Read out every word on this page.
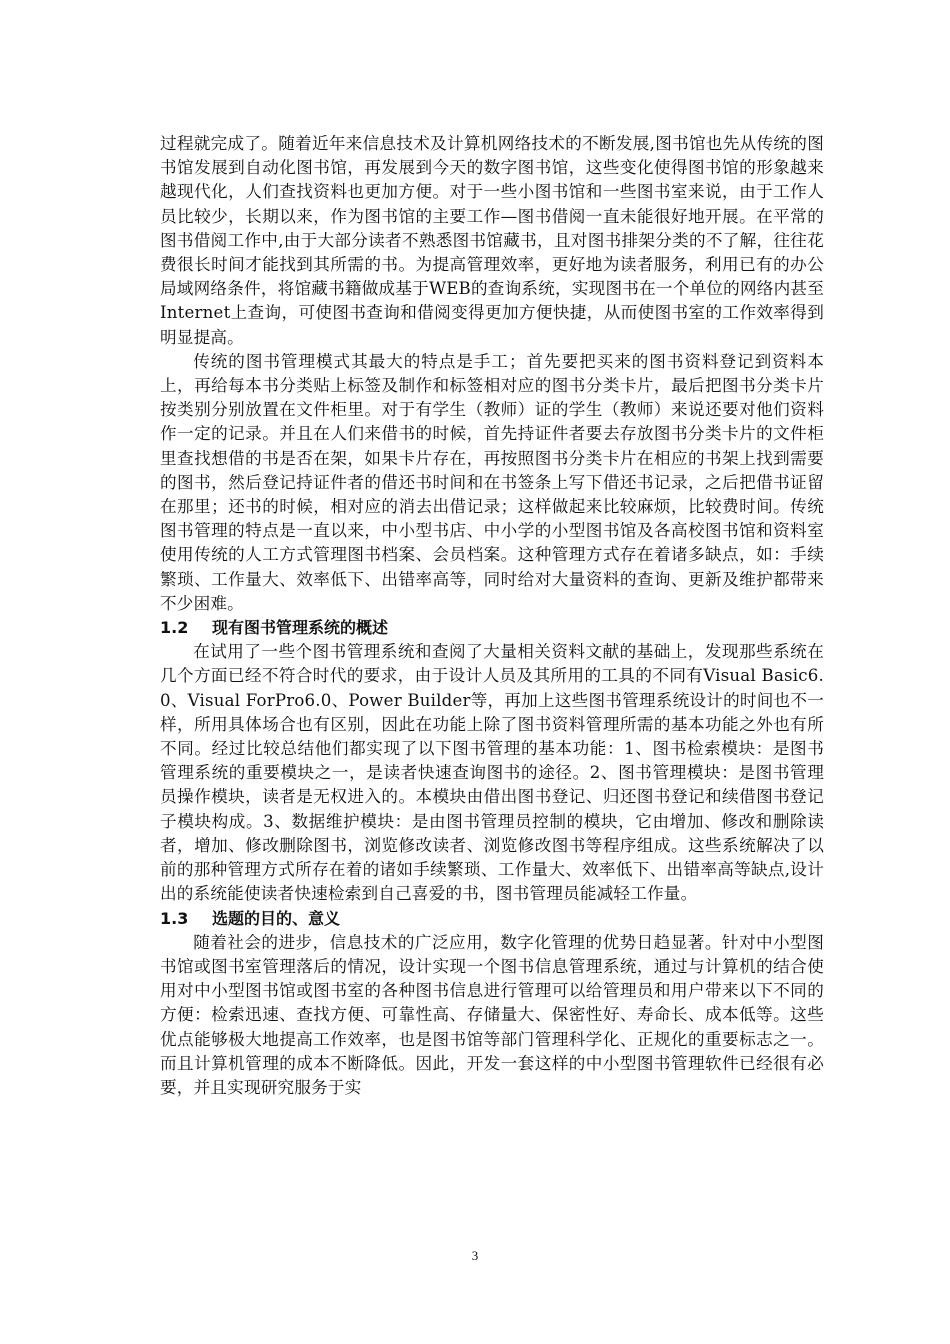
过程就完成了。随着近年来信息技术及计算机网络技术的不断发展,图书馆也先从传统的图书馆发展到自动化图书馆，再发展到今天的数字图书馆，这些变化使得图书馆的形象越来越现代化，人们查找资料也更加方便。对于一些小图书馆和一些图书室来说，由于工作人员比较少，长期以来，作为图书馆的主要工作—图书借阅一直未能很好地开展。在平常的图书借阅工作中,由于大部分读者不熟悉图书馆藏书，且对图书排架分类的不了解，往往花费很长时间才能找到其所需的书。为提高管理效率，更好地为读者服务，利用已有的办公局域网络条件，将馆藏书籍做成基于WEB的查询系统，实现图书在一个单位的网络内甚至Internet上查询，可使图书查询和借阅变得更加方便快捷，从而使图书室的工作效率得到明显提高。

传统的图书管理模式其最大的特点是手工；首先要把买来的图书资料登记到资料本上，再给每本书分类贴上标签及制作和标签相对应的图书分类卡片，最后把图书分类卡片按类别分别放置在文件柜里。对于有学生（教师）证的学生（教师）来说还要对他们资料作一定的记录。并且在人们来借书的时候，首先持证件者要去存放图书分类卡片的文件柜里查找想借的书是否在架，如果卡片存在，再按照图书分类卡片在相应的书架上找到需要的图书，然后登记持证件者的借还书时间和在书签条上写下借还书记录，之后把借书证留在那里；还书的时候，相对应的消去出借记录；这样做起来比较麻烦，比较费时间。传统图书管理的特点是一直以来，中小型书店、中小学的小型图书馆及各高校图书馆和资料室使用传统的人工方式管理图书档案、会员档案。这种管理方式存在着诸多缺点，如：手续繁琐、工作量大、效率低下、出错率高等，同时给对大量资料的查询、更新及维护都带来不少困难。

1.2 现有图书管理系统的概述

在试用了一些个图书管理系统和查阅了大量相关资料文献的基础上，发现那些系统在几个方面已经不符合时代的要求，由于设计人员及其所用的工具的不同有Visual Basic6.0、Visual ForPro6.0、Power Builder等，再加上这些图书管理系统设计的时间也不一样，所用具体场合也有区别，因此在功能上除了图书资料管理所需的基本功能之外也有所不同。经过比较总结他们都实现了以下图书管理的基本功能：1、图书检索模块：是图书管理系统的重要模块之一，是读者快速查询图书的途径。2、图书管理模块：是图书管理员操作模块，读者是无权进入的。本模块由借出图书登记、归还图书登记和续借图书登记子模块构成。3、数据维护模块：是由图书管理员控制的模块，它由增加、修改和删除读者，增加、修改删除图书，浏览修改读者、浏览修改图书等程序组成。这些系统解决了以前的那种管理方式所存在着的诸如手续繁琐、工作量大、效率低下、出错率高等缺点,设计出的系统能使读者快速检索到自己喜爱的书，图书管理员能减轻工作量。

1.3 选题的目的、意义

随着社会的进步，信息技术的广泛应用，数字化管理的优势日趋显著。针对中小型图书馆或图书室管理落后的情况，设计实现一个图书信息管理系统，通过与计算机的结合使用对中小型图书馆或图书室的各种图书信息进行管理可以给管理员和用户带来以下不同的方便：检索迅速、查找方便、可靠性高、存储量大、保密性好、寿命长、成本低等。这些优点能够极大地提高工作效率，也是图书馆等部门管理科学化、正规化的重要标志之一。而且计算机管理的成本不断降低。因此，开发一套这样的中小型图书管理软件已经很有必要，并且实现研究服务于实

3
